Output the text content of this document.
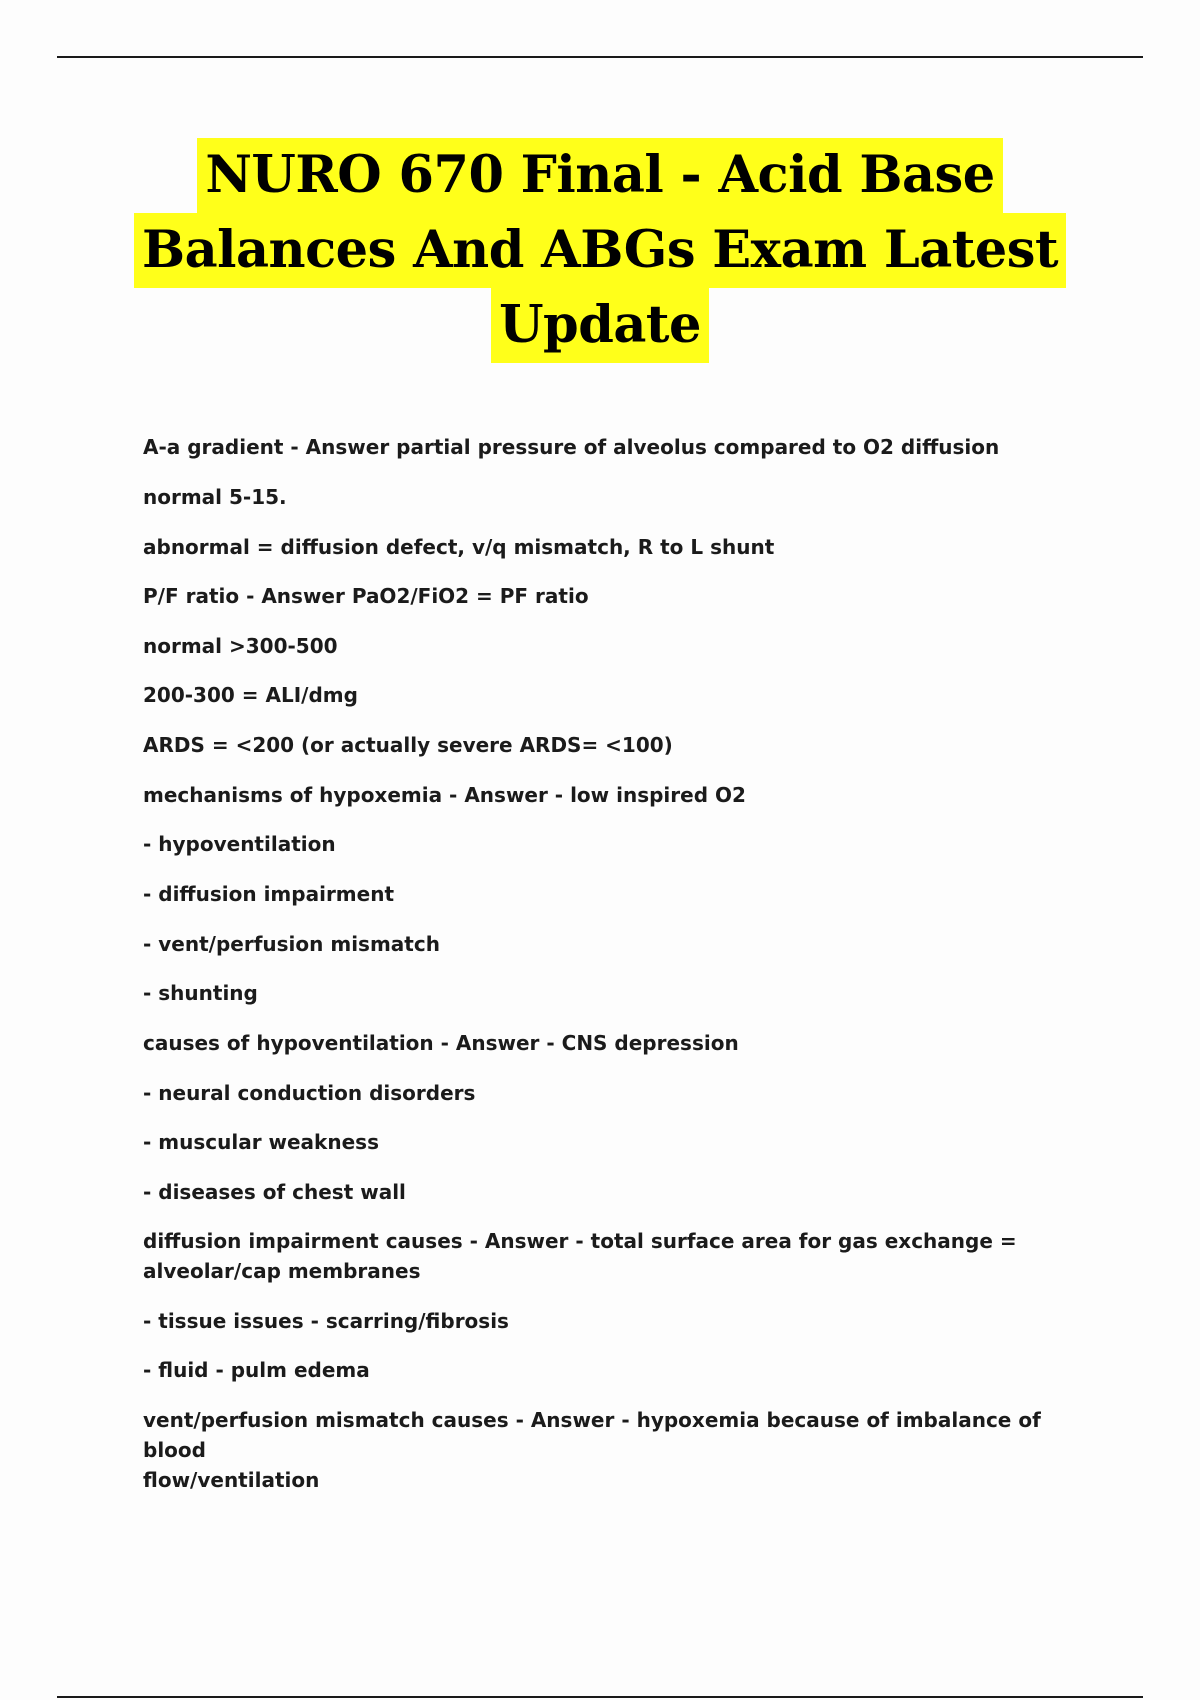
NURO 670 Final - Acid Base
Balances And ABGs Exam Latest
Update

A-a gradient - Answer partial pressure of alveolus compared to O2 diffusion

normal 5-15.

abnormal = diffusion defect, v/q mismatch, R to L shunt

P/F ratio - Answer PaO2/FiO2 = PF ratio

normal >300-500

200-300 = ALI/dmg

ARDS = <200 (or actually severe ARDS= <100)

mechanisms of hypoxemia - Answer - low inspired O2

- hypoventilation

- diffusion impairment

- vent/perfusion mismatch

- shunting

causes of hypoventilation - Answer - CNS depression

- neural conduction disorders

- muscular weakness

- diseases of chest wall

diffusion impairment causes - Answer - total surface area for gas exchange =
alveolar/cap membranes

- tissue issues - scarring/fibrosis

- fluid - pulm edema

vent/perfusion mismatch causes - Answer - hypoxemia because of imbalance of blood
flow/ventilation
